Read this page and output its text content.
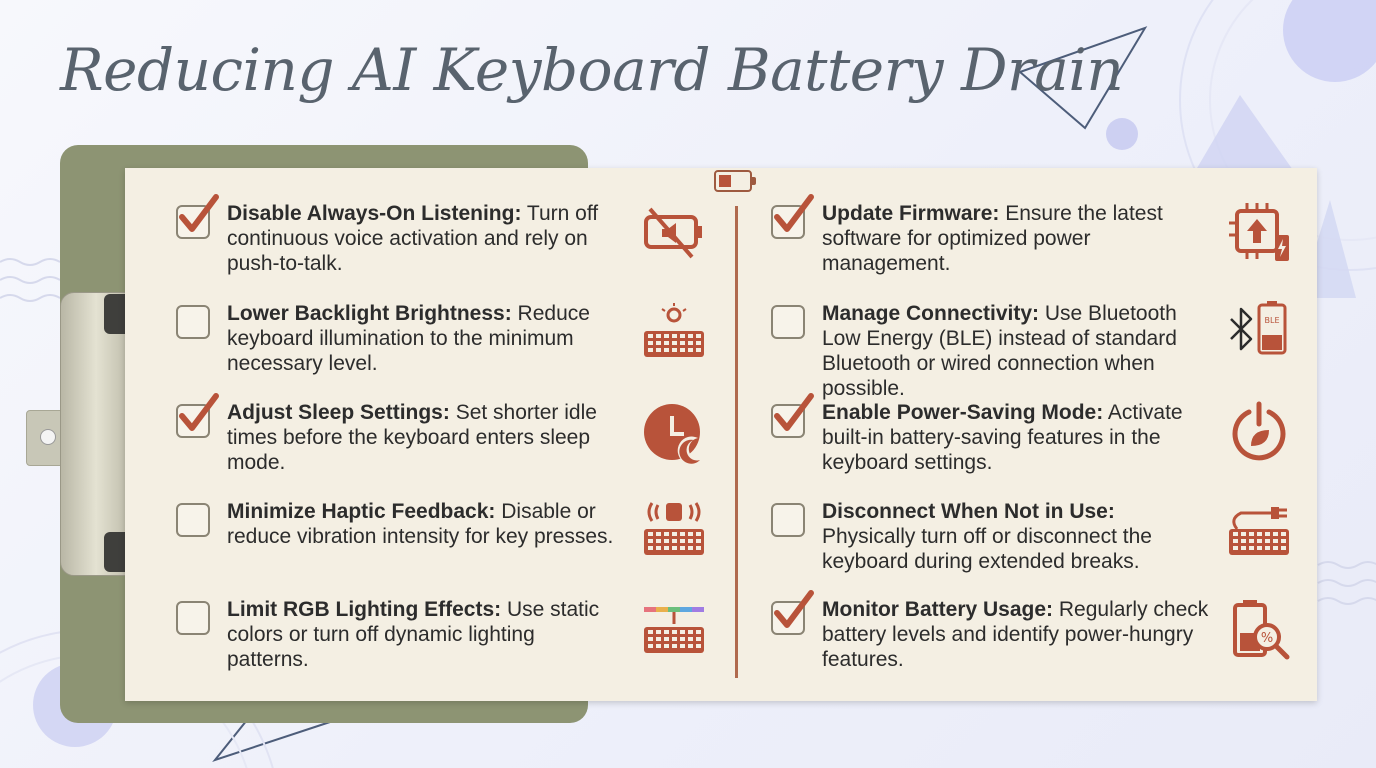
Reducing AI Keyboard Battery Drain
Disable Always-On Listening: Turn off continuous voice activation and rely on push-to-talk.
Lower Backlight Brightness: Reduce keyboard illumination to the minimum necessary level.
Adjust Sleep Settings: Set shorter idle times before the keyboard enters sleep mode.
Minimize Haptic Feedback: Disable or reduce vibration intensity for key presses.
Limit RGB Lighting Effects: Use static colors or turn off dynamic lighting patterns.
Update Firmware: Ensure the latest software for optimized power management.
Manage Connectivity: Use Bluetooth Low Energy (BLE) instead of standard Bluetooth or wired connection when possible.
BLE
Enable Power-Saving Mode: Activate built-in battery-saving features in the keyboard settings.
Disconnect When Not in Use: Physically turn off or disconnect the keyboard during extended breaks.
Monitor Battery Usage: Regularly check battery levels and identify power-hungry features.
%
